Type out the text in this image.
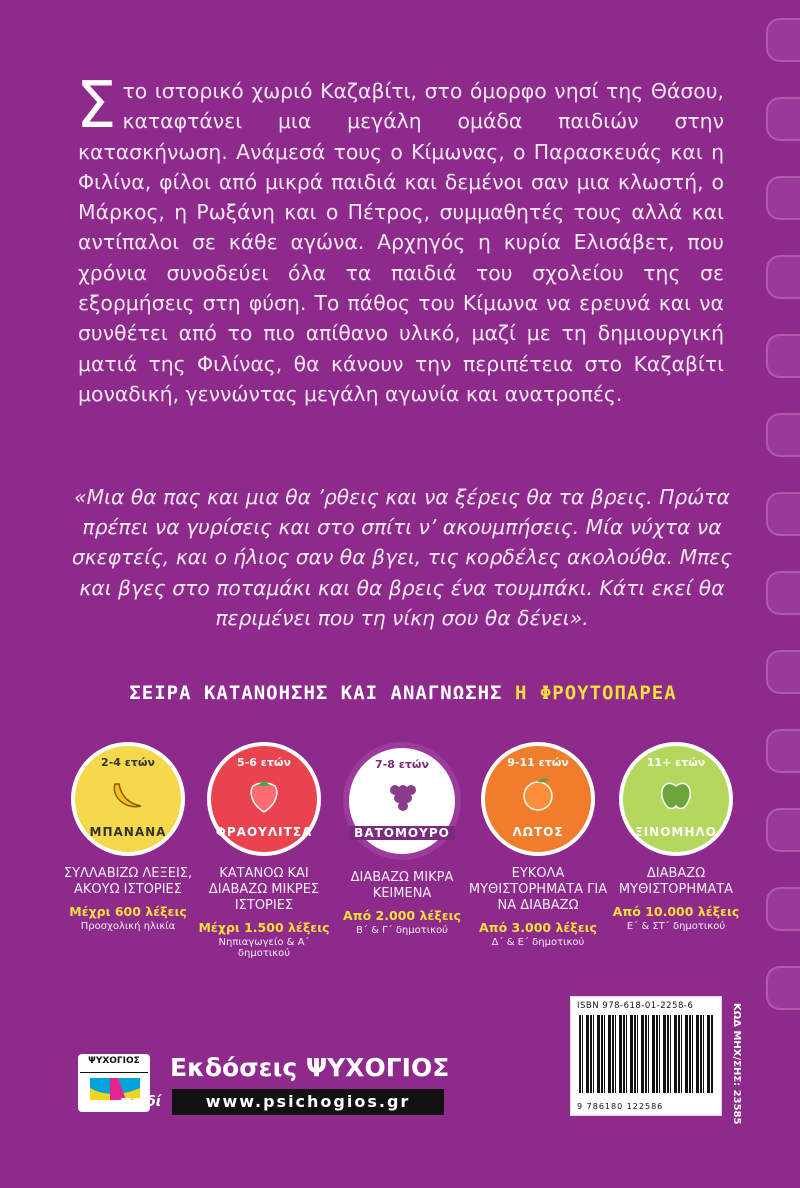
Σ το ιστορικό χωριό Καζαβίτι, στο όμορφο νησί της Θάσου, καταφτάνει μια μεγάλη ομάδα παιδιών στην κατασκήνωση. Ανάμεσά τους ο Κίμωνας, ο Παρασκευάς και η Φιλίνα, φίλοι από μικρά παιδιά και δεμένοι σαν μια κλωστή, ο Μάρκος, η Ρωξάνη και ο Πέτρος, συμμαθητές τους αλλά και αντίπαλοι σε κάθε αγώνα. Αρχηγός η κυρία Ελισάβετ, που χρόνια συνοδεύει όλα τα παιδιά του σχολείου της σε εξορμήσεις στη φύση. Το πάθος του Κίμωνα να ερευνά και να συνθέτει από το πιο απίθανο υλικό, μαζί με τη δημιουργική ματιά της Φιλίνας, θα κάνουν την περιπέτεια στο Καζαβίτι μοναδική, γεννώντας μεγάλη αγωνία και ανατροπές.
«Μια θα πας και μια θα ’ρθεις και να ξέρεις θα τα βρεις. Πρώτα πρέπει να γυρίσεις και στο σπίτι ν’ ακουμπήσεις. Μία νύχτα να σκεφτείς, και ο ήλιος σαν θα βγει, τις κορδέλες ακολούθα. Μπες και βγες στο ποταμάκι και θα βρεις ένα τουμπάκι. Κάτι εκεί θα περιμένει που τη νίκη σου θα δένει».
ΣΕΙΡΑ ΚΑΤΑΝΟΗΣΗΣ ΚΑΙ ΑΝΑΓΝΩΣΗΣ Η ΦΡΟΥΤΟΠΑΡΕΑ
2-4 ετών
ΜΠΑΝΑΝΑ
ΣΥΛΛΑΒΙΖΩ ΛΕΞΕΙΣ, ΑΚΟΥΩ ΙΣΤΟΡΙΕΣ
Μέχρι 600 λέξεις
Προσχολική ηλικία
5-6 ετών
ΦΡΑΟΥΛΙΤΣΑ
ΚΑΤΑΝΟΩ ΚΑΙ ΔΙΑΒΑΖΩ ΜΙΚΡΕΣ ΙΣΤΟΡΙΕΣ
Μέχρι 1.500 λέξεις
Νηπιαγωγείο & Α΄ δημοτικού
7-8 ετών
ΒΑΤΟΜΟΥΡΟ
ΔΙΑΒΑΖΩ ΜΙΚΡΑ ΚΕΙΜΕΝΑ
Από 2.000 λέξεις
Β΄ & Γ΄ δημοτικού
9-11 ετών
ΛΩΤΟΣ
ΕΥΚΟΛΑ ΜΥΘΙΣΤΟΡΗΜΑΤΑ ΓΙΑ ΝΑ ΔΙΑΒΑΖΩ
Από 3.000 λέξεις
Δ΄ & Ε΄ δημοτικού
11+ ετών
ΞΙΝΟΜΗΛΟ
ΔΙΑΒΑΖΩ ΜΥΘΙΣΤΟΡΗΜΑΤΑ
Από 10.000 λέξεις
Ε΄ & ΣΤ΄ δημοτικού
ISBN 978-618-01-2258-6
9 786180 122586	ΚΩΔ ΜΗΧ/ΣΗΣ: 23585
ΨΥΧΟΓΙΟΣ
παιδί
Εκδόσεις ΨΥΧΟΓΙΟΣ
www.psichogios.gr
